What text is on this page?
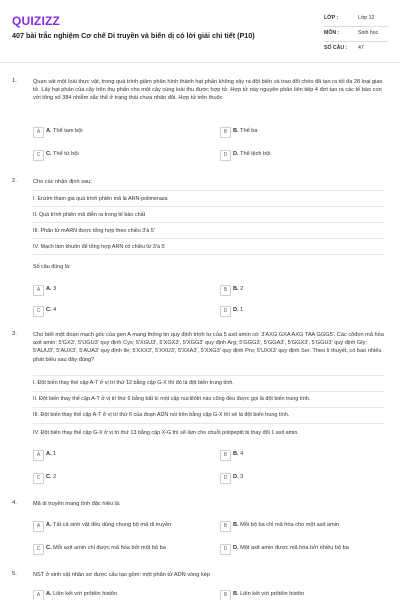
QUIZIZZ
407 bài trắc nghiệm Cơ chế Di truyền và biến dị có lời giải chi tiết (P10)
LỚP :	Lớp 12
MÔN :	Sinh học
SỐ CÂU : 47
1.	Quan sát một loài thực vật, trong quá trình giảm phân hình thành hạt phấn không xảy ra đột biến và trao đổi chéo đã tạo ra tối đa 28 loại giao tử. Lấy hạt phấn của cây trên thụ phấn cho một cây cùng loài thu được hợp tử. Hợp tử này nguyên phân liên tiếp 4 đợt tạo ra các tế bào con với tổng số 384 nhiễm sắc thể ở trạng thái chưa nhân đôi. Hợp tử trên thuộc
A	A. Thể tam bội	B	B. Thể ba
C	C. Thể tứ bội	D	D. Thể lệch bội
2.	Cho các nhận định sau:
I. Enzim tham gia quá trình phiên mã là ARN-polimeraza
II. Quá trình phiên mã diễn ra trong tế bào chất
III. Phân tử mARN được tổng hợp theo chiều 3'à 5'
IV. Mạch làm khuôn để tổng hợp ARN có chiều từ 3'à 5'
Số câu đúng là:
A	A. 3	B	B. 2
C	C. 4	D	D. 1
3.	Cho biết một đoạn mạch gốc của gen A mang thông tin quy định trình tự của 5 axit amin có: 3'AXG GXA AXG TAA GGG5'. Các côđon mã hóa axit amin: 5'GX3', 5'UGU3' quy định Cys; 5'XGU3', 5'XGX3', 5'XGG3' quy định Arg; 5'GGG3', 5'GGA3', 5'GGX3', 5'GGU3' quy định Gly; 5'AUU3', 5'AUX3', 5'AUA3' quy định Ile; 5'XXX3', 5'XXU3', 5'XXA3', 5'XXG3' quy định Pro; 5'UXX3' quy định Ser. Theo lí thuyết, có bao nhiêu phát biểu sau đây đúng?
I. Đột biến thay thế cặp A-T ở vị trí thứ 12 bằng cặp G-X thì đó là đột biến trung tính.
II. Đột biến thay thế cặp A-T ở vị trí thứ 6 bằng bất kì một cặp nuclêôtit nào cũng đều được gọi là đột biến trung tính.
III. Đột biến thay thế cặp A-T ở vị trí thứ 6 của đoạn ADN nói trên bằng cặp G-X thì sẽ là đột biến trung tính.
IV. Đột biến thay thế cặp G-X ở vị trí thứ 13 bằng cặp X-G thì sẽ làm cho chuỗi polipeptit bị thay đổi 1 axit amin.
A	A. 1	B	B. 4
C	C. 2	D	D. 3
4.	Mã di truyền mang tính đặc hiệu là:
A	A. Tất cả sinh vật đều dùng chung bộ mã di truyền	B	B. Mỗi bộ ba chỉ mã hóa cho một axit amin
C	C. Mỗi axit amin chỉ được mã hóa bởi một bộ ba	D	D. Một axit amin được mã hóa bởi nhiều bộ ba
5.	NST ở sinh vật nhân sơ được cấu tạo gồm: một phân tử ADN vòng kép
A	A. Liên kết với prôtêin histôn	B	B. Liên kết với prôtêin histôn
